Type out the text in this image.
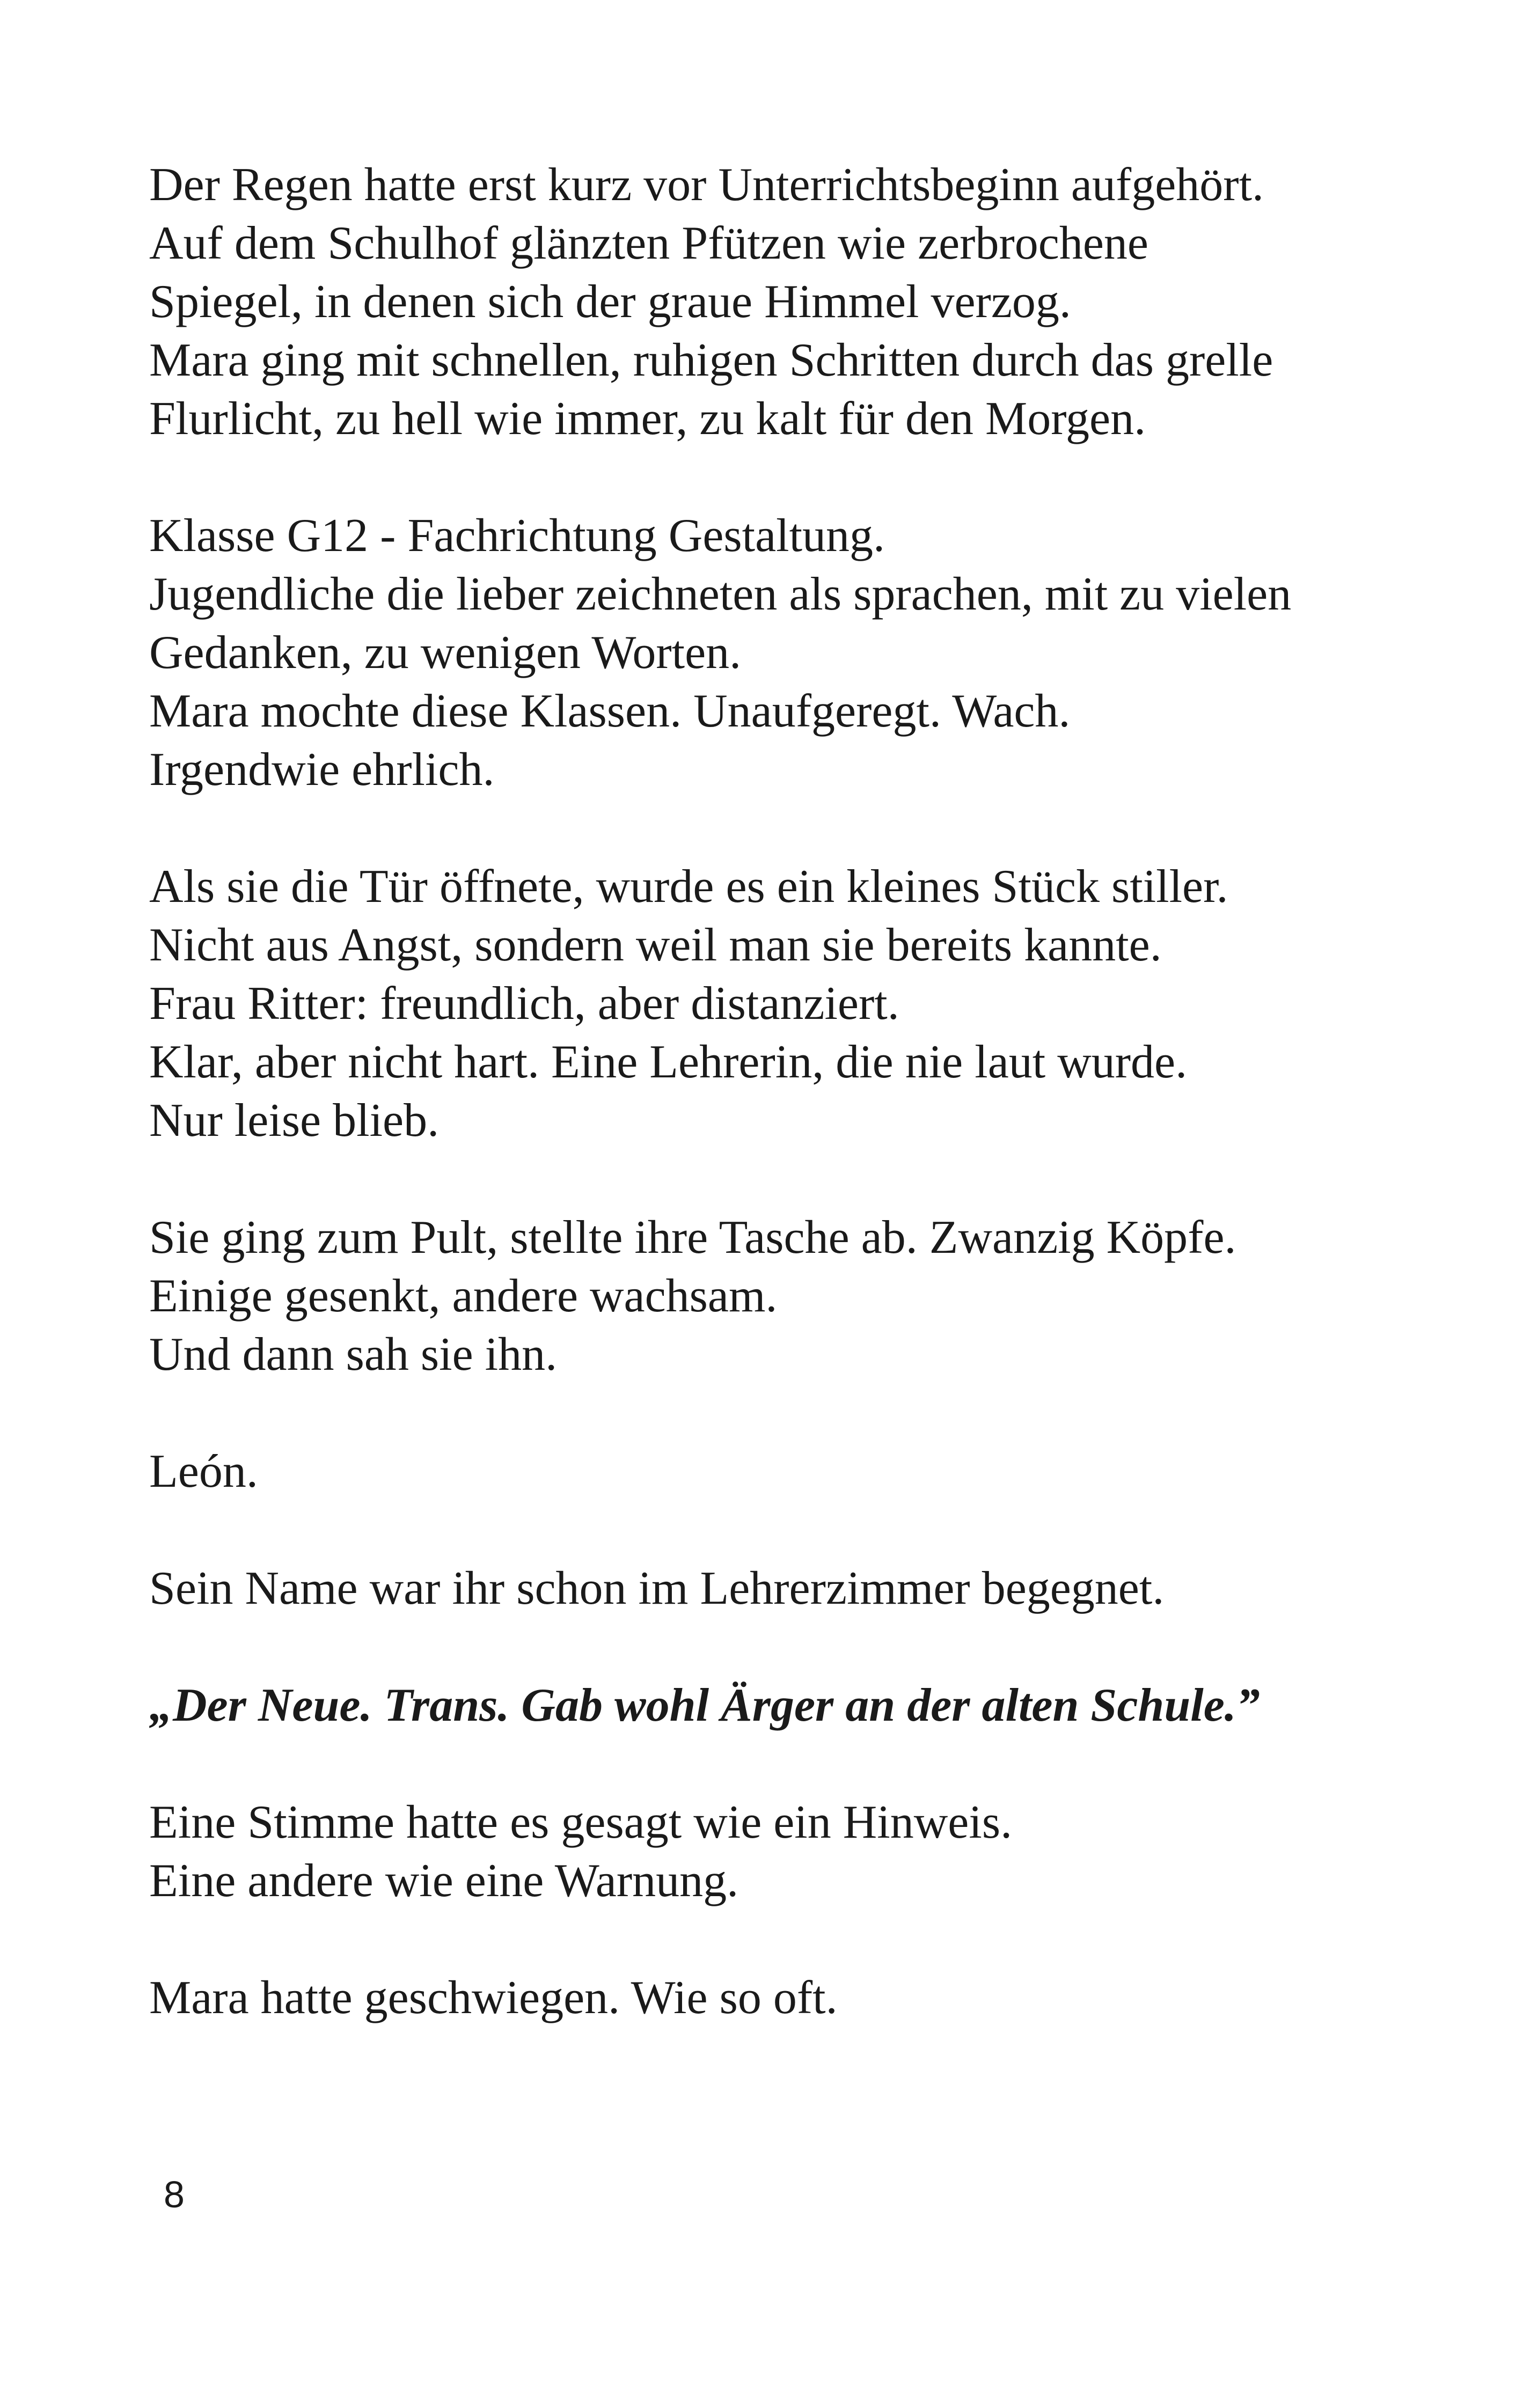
Der Regen hatte erst kurz vor Unterrichtsbeginn aufgehört.
Auf dem Schulhof glänzten Pfützen wie zerbrochene
Spiegel, in denen sich der graue Himmel verzog.
Mara ging mit schnellen, ruhigen Schritten durch das grelle
Flurlicht, zu hell wie immer, zu kalt für den Morgen.

Klasse G12 - Fachrichtung Gestaltung.
Jugendliche die lieber zeichneten als sprachen, mit zu vielen
Gedanken, zu wenigen Worten.
Mara mochte diese Klassen. Unaufgeregt. Wach.
Irgendwie ehrlich.

Als sie die Tür öffnete, wurde es ein kleines Stück stiller.
Nicht aus Angst, sondern weil man sie bereits kannte.
Frau Ritter: freundlich, aber distanziert.
Klar, aber nicht hart. Eine Lehrerin, die nie laut wurde.
Nur leise blieb.

Sie ging zum Pult, stellte ihre Tasche ab. Zwanzig Köpfe.
Einige gesenkt, andere wachsam.
Und dann sah sie ihn.

León.

Sein Name war ihr schon im Lehrerzimmer begegnet.

„Der Neue. Trans. Gab wohl Ärger an der alten Schule.”

Eine Stimme hatte es gesagt wie ein Hinweis.
Eine andere wie eine Warnung.

Mara hatte geschwiegen. Wie so oft.

8
